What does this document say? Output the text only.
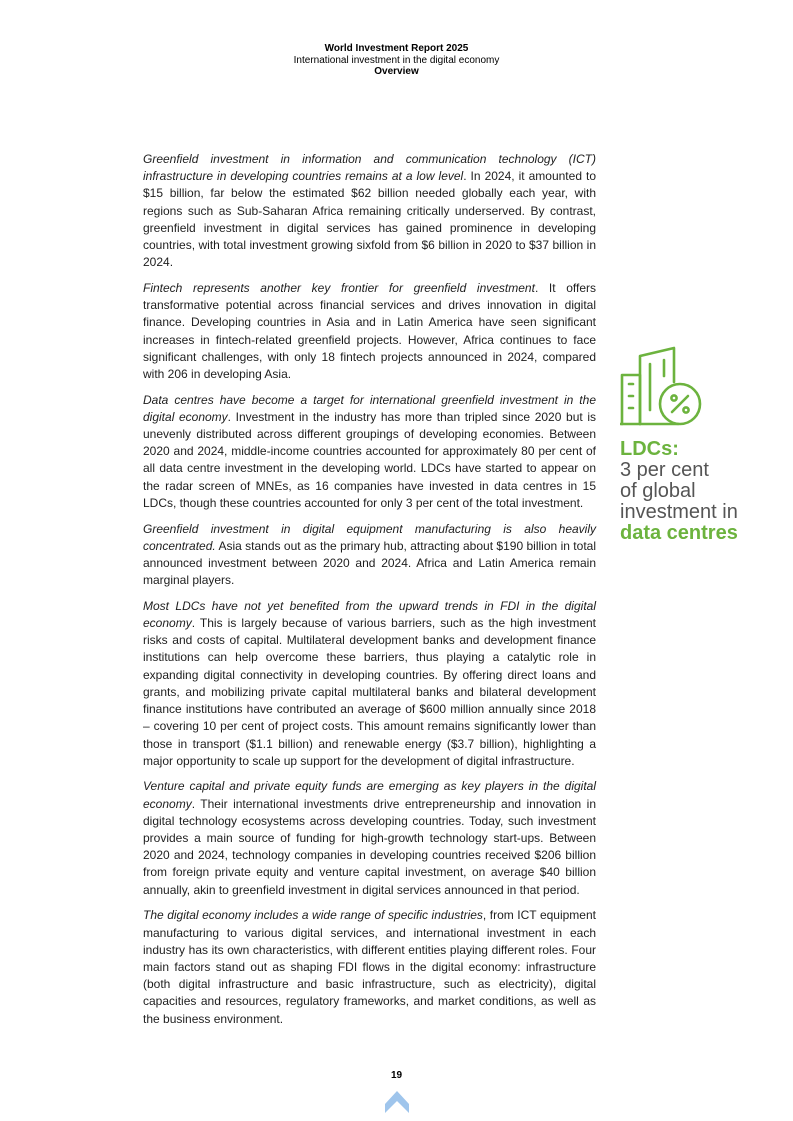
World Investment Report 2025
International investment in the digital economy
Overview

Greenfield investment in information and communication technology (ICT) infrastructure in developing countries remains at a low level. In 2024, it amounted to $15 billion, far below the estimated $62 billion needed globally each year, with regions such as Sub-Saharan Africa remaining critically underserved. By contrast, greenfield investment in digital services has gained prominence in developing countries, with total investment growing sixfold from $6 billion in 2020 to $37 billion in 2024.

Fintech represents another key frontier for greenfield investment. It offers transformative potential across financial services and drives innovation in digital finance. Developing countries in Asia and in Latin America have seen significant increases in fintech-related greenfield projects. However, Africa continues to face significant challenges, with only 18 fintech projects announced in 2024, compared with 206 in developing Asia.

Data centres have become a target for international greenfield investment in the digital economy. Investment in the industry has more than tripled since 2020 but is unevenly distributed across different groupings of developing economies. Between 2020 and 2024, middle-income countries accounted for approximately 80 per cent of all data centre investment in the developing world. LDCs have started to appear on the radar screen of MNEs, as 16 companies have invested in data centres in 15 LDCs, though these countries accounted for only 3 per cent of the total investment.

Greenfield investment in digital equipment manufacturing is also heavily concentrated. Asia stands out as the primary hub, attracting about $190 billion in total announced investment between 2020 and 2024. Africa and Latin America remain marginal players.

Most LDCs have not yet benefited from the upward trends in FDI in the digital economy. This is largely because of various barriers, such as the high investment risks and costs of capital. Multilateral development banks and development finance institutions can help overcome these barriers, thus playing a catalytic role in expanding digital connectivity in developing countries. By offering direct loans and grants, and mobilizing private capital multilateral banks and bilateral development finance institutions have contributed an average of $600 million annually since 2018 – covering 10 per cent of project costs. This amount remains significantly lower than those in transport ($1.1 billion) and renewable energy ($3.7 billion), highlighting a major opportunity to scale up support for the development of digital infrastructure.

Venture capital and private equity funds are emerging as key players in the digital economy. Their international investments drive entrepreneurship and innovation in digital technology ecosystems across developing countries. Today, such investment provides a main source of funding for high-growth technology start-ups. Between 2020 and 2024, technology companies in developing countries received $206 billion from foreign private equity and venture capital investment, on average $40 billion annually, akin to greenfield investment in digital services announced in that period.

The digital economy includes a wide range of specific industries, from ICT equipment manufacturing to various digital services, and international investment in each industry has its own characteristics, with different entities playing different roles. Four main factors stand out as shaping FDI flows in the digital economy: infrastructure (both digital infrastructure and basic infrastructure, such as electricity), digital capacities and resources, regulatory frameworks, and market conditions, as well as the business environment.

LDCs:
3 per cent
of global
investment in
data centres
19
